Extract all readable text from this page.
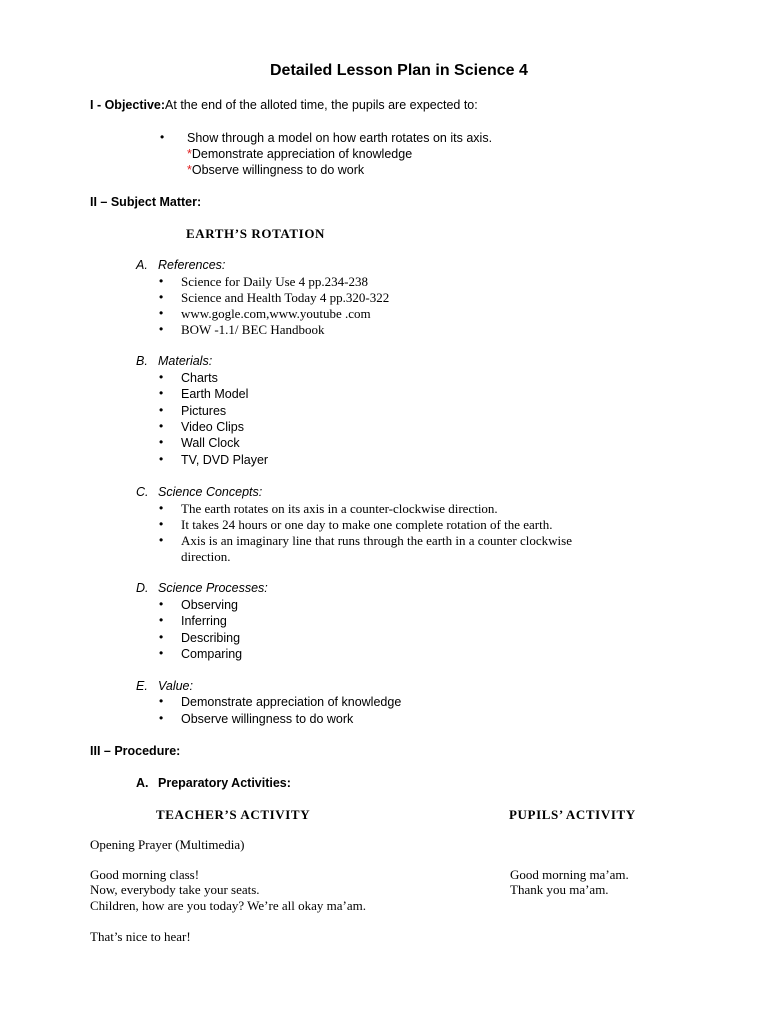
Detailed Lesson Plan in Science 4
I - Objective:At the end of the alloted time, the pupils are expected to:
• Show through a model on how earth rotates on its axis.
*Demonstrate appreciation of knowledge
*Observe willingness to do work
II – Subject Matter:
EARTH’S ROTATION
A. References:
• Science for Daily Use 4 pp.234-238
• Science and Health Today 4 pp.320-322
• www.gogle.com,www.youtube .com
• BOW -1.1/ BEC Handbook
B. Materials:
• Charts
• Earth Model
• Pictures
• Video Clips
• Wall Clock
• TV, DVD Player
C. Science Concepts:
• The earth rotates on its axis in a counter-clockwise direction.
• It takes 24 hours or one day to make one complete rotation of the earth.
• Axis is an imaginary line that runs through the earth in a counter clockwise
direction.
D. Science Processes:
• Observing
• Inferring
• Describing
• Comparing
E. Value:
• Demonstrate appreciation of knowledge
• Observe willingness to do work
III – Procedure:
A. Preparatory Activities:
TEACHER’S ACTIVITY	PUPILS’ ACTIVITY
Opening Prayer (Multimedia)
Good morning class!
Now, everybody take your seats.
Children, how are you today? We’re all okay ma’am.
That’s nice to hear!
Good morning ma’am.
Thank you ma’am.
